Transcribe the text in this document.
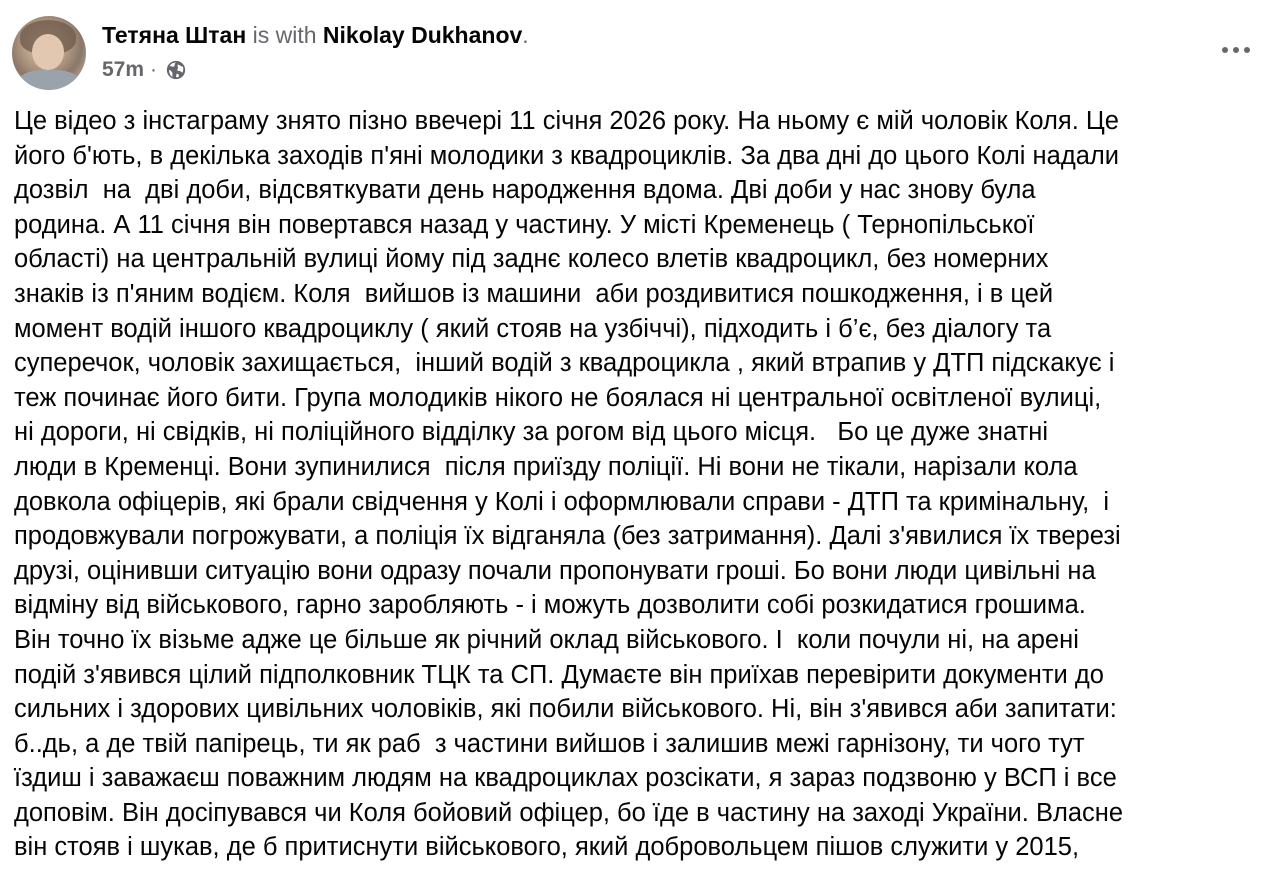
Тетяна Штан is with Nikolay Dukhanov.
57m ·
Це відео з інстаграму знято пізно ввечері 11 січня 2026 року. На ньому є мій чоловік Коля. Це
його б'ють, в декілька заходів п'яні молодики з квадроциклів. За два дні до цього Колі надали
дозвіл  на  дві доби, відсвяткувати день народження вдома. Дві доби у нас знову була
родина. А 11 січня він повертався назад у частину. У місті Кременець ( Тернопільської
області) на центральній вулиці йому під заднє колесо влетів квадроцикл, без номерних
знаків із п'яним водієм. Коля  вийшов із машини  аби роздивитися пошкодження, і в цей
момент водій іншого квадроциклу ( який стояв на узбіччі), підходить і б’є, без діалогу та
суперечок, чоловік захищається,  інший водій з квадроцикла , який втрапив у ДТП підскакує і
теж починає його бити. Група молодиків нікого не боялася ні центральної освітленої вулиці,
ні дороги, ні свідків, ні поліційного відділку за рогом від цього місця.   Бо це дуже знатні
люди в Кременці. Вони зупинилися  після приїзду поліції. Ні вони не тікали, нарізали кола
довкола офіцерів, які брали свідчення у Колі і оформлювали справи - ДТП та кримінальну,  і
продовжували погрожувати, а поліція їх відганяла (без затримання). Далі з'явилися їх тверезі
друзі, оцінивши ситуацію вони одразу почали пропонувати гроші. Бо вони люди цивільні на
відміну від військового, гарно заробляють - і можуть дозволити собі розкидатися грошима.
Він точно їх візьме адже це більше як річний оклад військового. І  коли почули ні, на арені
подій з'явився цілий підполковник ТЦК та СП. Думаєте він приїхав перевірити документи до
сильних і здорових цивільних чоловіків, які побили військового. Ні, він з'явився аби запитати:
б..дь, а де твій папірець, ти як раб  з частини вийшов і залишив межі гарнізону, ти чого тут
їздиш і заважаєш поважним людям на квадроциклах розсікати, я зараз подзвоню у ВСП і все
доповім. Він досіпувався чи Коля бойовий офіцер, бо їде в частину на заході України. Власне
він стояв і шукав, де б притиснути військового, який добровольцем пішов служити у 2015,
